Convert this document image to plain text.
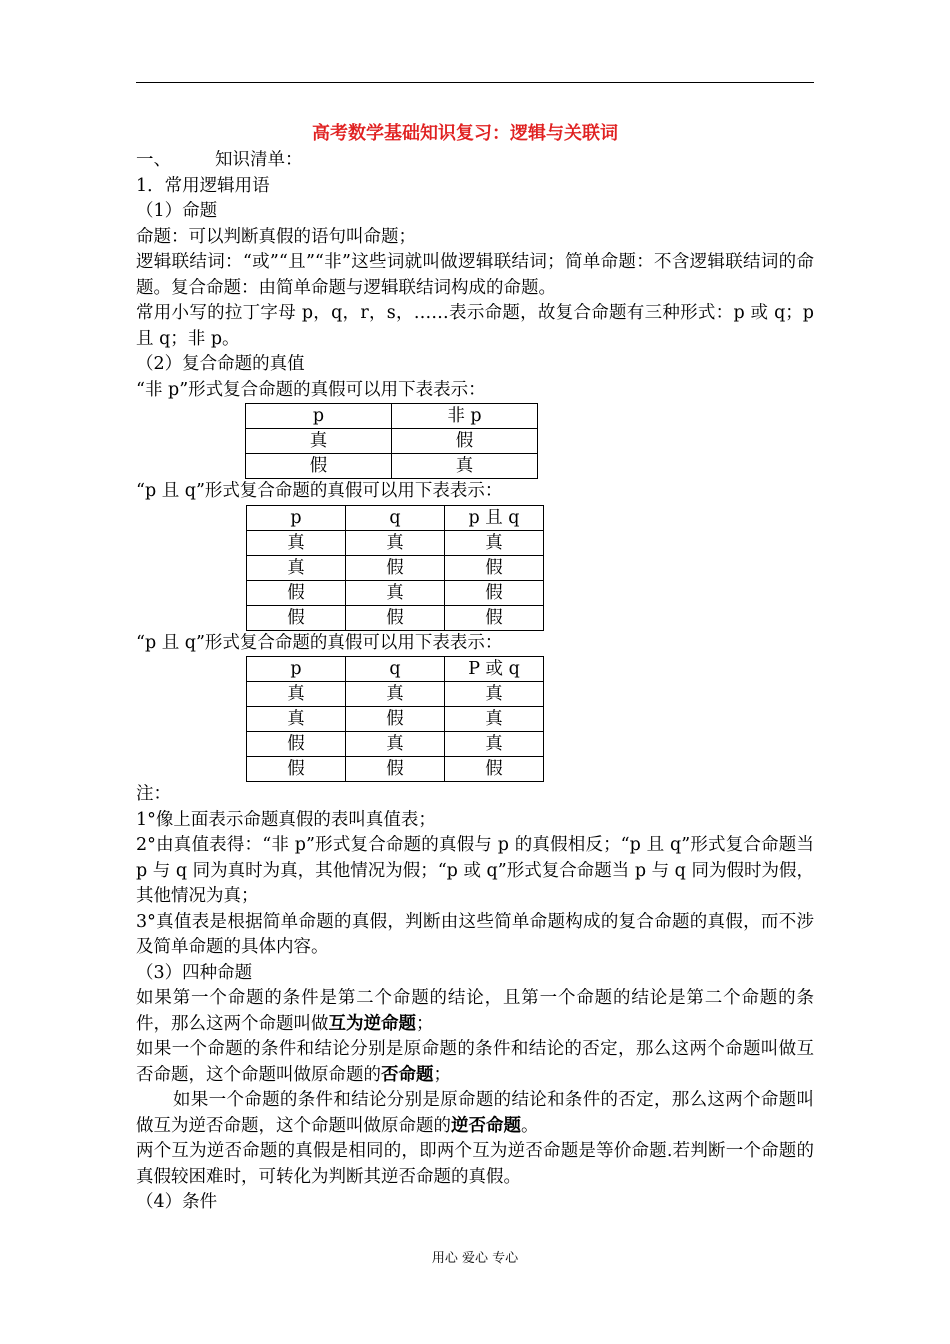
高考数学基础知识复习：逻辑与关联词

一、	知识清单：

1．常用逻辑用语

（1）命题

命题：可以判断真假的语句叫命题；

逻辑联结词：“或”“且”“非”这些词就叫做逻辑联结词；简单命题：不含逻辑联结词的命题。复合命题：由简单命题与逻辑联结词构成的命题。

常用小写的拉丁字母 p，q，r，s，……表示命题，故复合命题有三种形式：p 或 q；p 且 q；非 p。

（2）复合命题的真值

“非 p”形式复合命题的真假可以用下表表示：

p	非 p
真	假
假	真

“p 且 q”形式复合命题的真假可以用下表表示：

p	q	p 且 q
真	真	真
真	假	假
假	真	假
假	假	假

“p 且 q”形式复合命题的真假可以用下表表示：

p	q	P 或 q
真	真	真
真	假	真
假	真	真
假	假	假

注：

1°像上面表示命题真假的表叫真值表；

2°由真值表得：“非 p”形式复合命题的真假与 p 的真假相反；“p 且 q”形式复合命题当 p 与 q 同为真时为真，其他情况为假；“p 或 q”形式复合命题当 p 与 q 同为假时为假，其他情况为真；

3°真值表是根据简单命题的真假，判断由这些简单命题构成的复合命题的真假，而不涉及简单命题的具体内容。

（3）四种命题

如果第一个命题的条件是第二个命题的结论，且第一个命题的结论是第二个命题的条件，那么这两个命题叫做互为逆命题；

如果一个命题的条件和结论分别是原命题的条件和结论的否定，那么这两个命题叫做互否命题，这个命题叫做原命题的否命题；

如果一个命题的条件和结论分别是原命题的结论和条件的否定，那么这两个命题叫做互为逆否命题，这个命题叫做原命题的逆否命题。

两个互为逆否命题的真假是相同的，即两个互为逆否命题是等价命题.若判断一个命题的真假较困难时，可转化为判断其逆否命题的真假。

（4）条件

用心 爱心 专心
